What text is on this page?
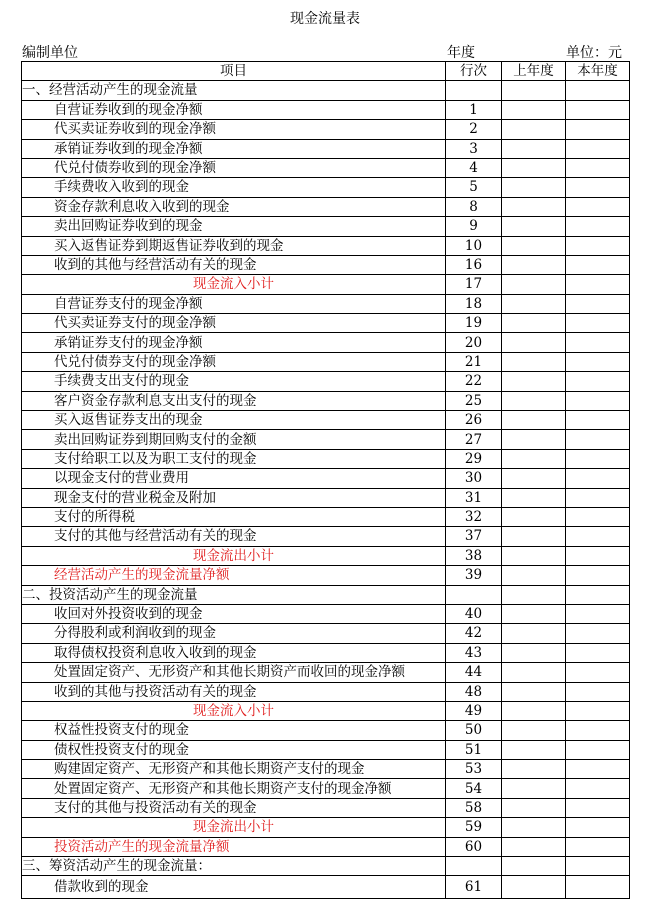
现金流量表
编制单位	年度	单位：元
项目	行次	上年度	本年度
一、经营活动产生的现金流量			
自营证券收到的现金净额	1		
代买卖证券收到的现金净额	2		
承销证券收到的现金净额	3		
代兑付债券收到的现金净额	4		
手续费收入收到的现金	5		
资金存款利息收入收到的现金	8		
卖出回购证券收到的现金	9		
买入返售证券到期返售证券收到的现金	10		
收到的其他与经营活动有关的现金	16		
现金流入小计	17		
自营证券支付的现金净额	18		
代买卖证券支付的现金净额	19		
承销证券支付的现金净额	20		
代兑付债券支付的现金净额	21		
手续费支出支付的现金	22		
客户资金存款利息支出支付的现金	25		
买入返售证券支出的现金	26		
卖出回购证券到期回购支付的金额	27		
支付给职工以及为职工支付的现金	29		
以现金支付的营业费用	30		
现金支付的营业税金及附加	31		
支付的所得税	32		
支付的其他与经营活动有关的现金	37		
现金流出小计	38		
经营活动产生的现金流量净额	39		
二、投资活动产生的现金流量			
收回对外投资收到的现金	40		
分得股利或利润收到的现金	42		
取得债权投资利息收入收到的现金	43		
处置固定资产、无形资产和其他长期资产而收回的现金净额	44		
收到的其他与投资活动有关的现金	48		
现金流入小计	49		
权益性投资支付的现金	50		
债权性投资支付的现金	51		
购建固定资产、无形资产和其他长期资产支付的现金	53		
处置固定资产、无形资产和其他长期资产支付的现金净额	54		
支付的其他与投资活动有关的现金	58		
现金流出小计	59		
投资活动产生的现金流量净额	60		
三、筹资活动产生的现金流量：			
借款收到的现金	61		
